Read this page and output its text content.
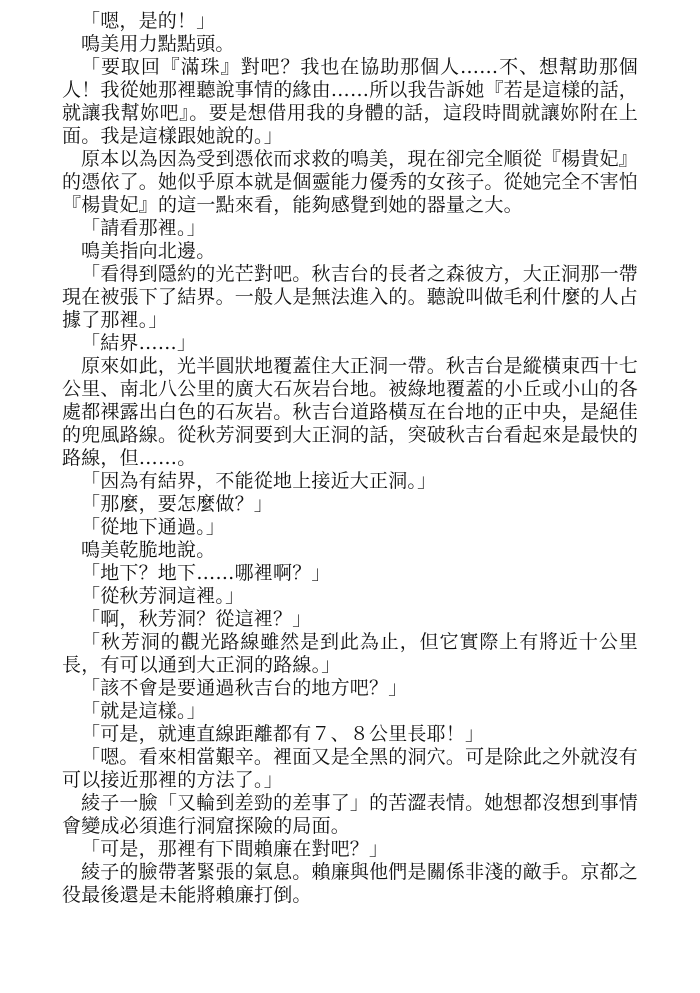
「嗯，是的！」

鳴美用力點點頭。

「要取回『滿珠』對吧？我也在協助那個人……不、想幫助那個人！我從她那裡聽說事情的緣由……所以我告訴她『若是這樣的話，就讓我幫妳吧』。要是想借用我的身體的話，這段時間就讓妳附在上面。我是這樣跟她說的。」

原本以為因為受到憑依而求救的鳴美，現在卻完全順從『楊貴妃』的憑依了。她似乎原本就是個靈能力優秀的女孩子。從她完全不害怕『楊貴妃』的這一點來看，能夠感覺到她的器量之大。

「請看那裡。」

鳴美指向北邊。

「看得到隱約的光芒對吧。秋吉台的長者之森彼方，大正洞那一帶現在被張下了結界。一般人是無法進入的。聽說叫做毛利什麼的人占據了那裡。」

「結界……」

原來如此，光半圓狀地覆蓋住大正洞一帶。秋吉台是縱橫東西十七公里、南北八公里的廣大石灰岩台地。被綠地覆蓋的小丘或小山的各處都裸露出白色的石灰岩。秋吉台道路橫亙在台地的正中央，是絕佳的兜風路線。從秋芳洞要到大正洞的話，突破秋吉台看起來是最快的路線，但……。

「因為有結界，不能從地上接近大正洞。」

「那麼，要怎麼做？」

「從地下通過。」

鳴美乾脆地說。

「地下？地下……哪裡啊？」

「從秋芳洞這裡。」

「啊，秋芳洞？從這裡？」

「秋芳洞的觀光路線雖然是到此為止，但它實際上有將近十公里長，有可以通到大正洞的路線。」

「該不會是要通過秋吉台的地方吧？」

「就是這樣。」

「可是，就連直線距離都有７、８公里長耶！」

「嗯。看來相當艱辛。裡面又是全黑的洞穴。可是除此之外就沒有可以接近那裡的方法了。」

綾子一臉「又輪到差勁的差事了」的苦澀表情。她想都沒想到事情會變成必須進行洞窟探險的局面。

「可是，那裡有下間賴廉在對吧？」

綾子的臉帶著緊張的氣息。賴廉與他們是關係非淺的敵手。京都之役最後還是未能將賴廉打倒。
